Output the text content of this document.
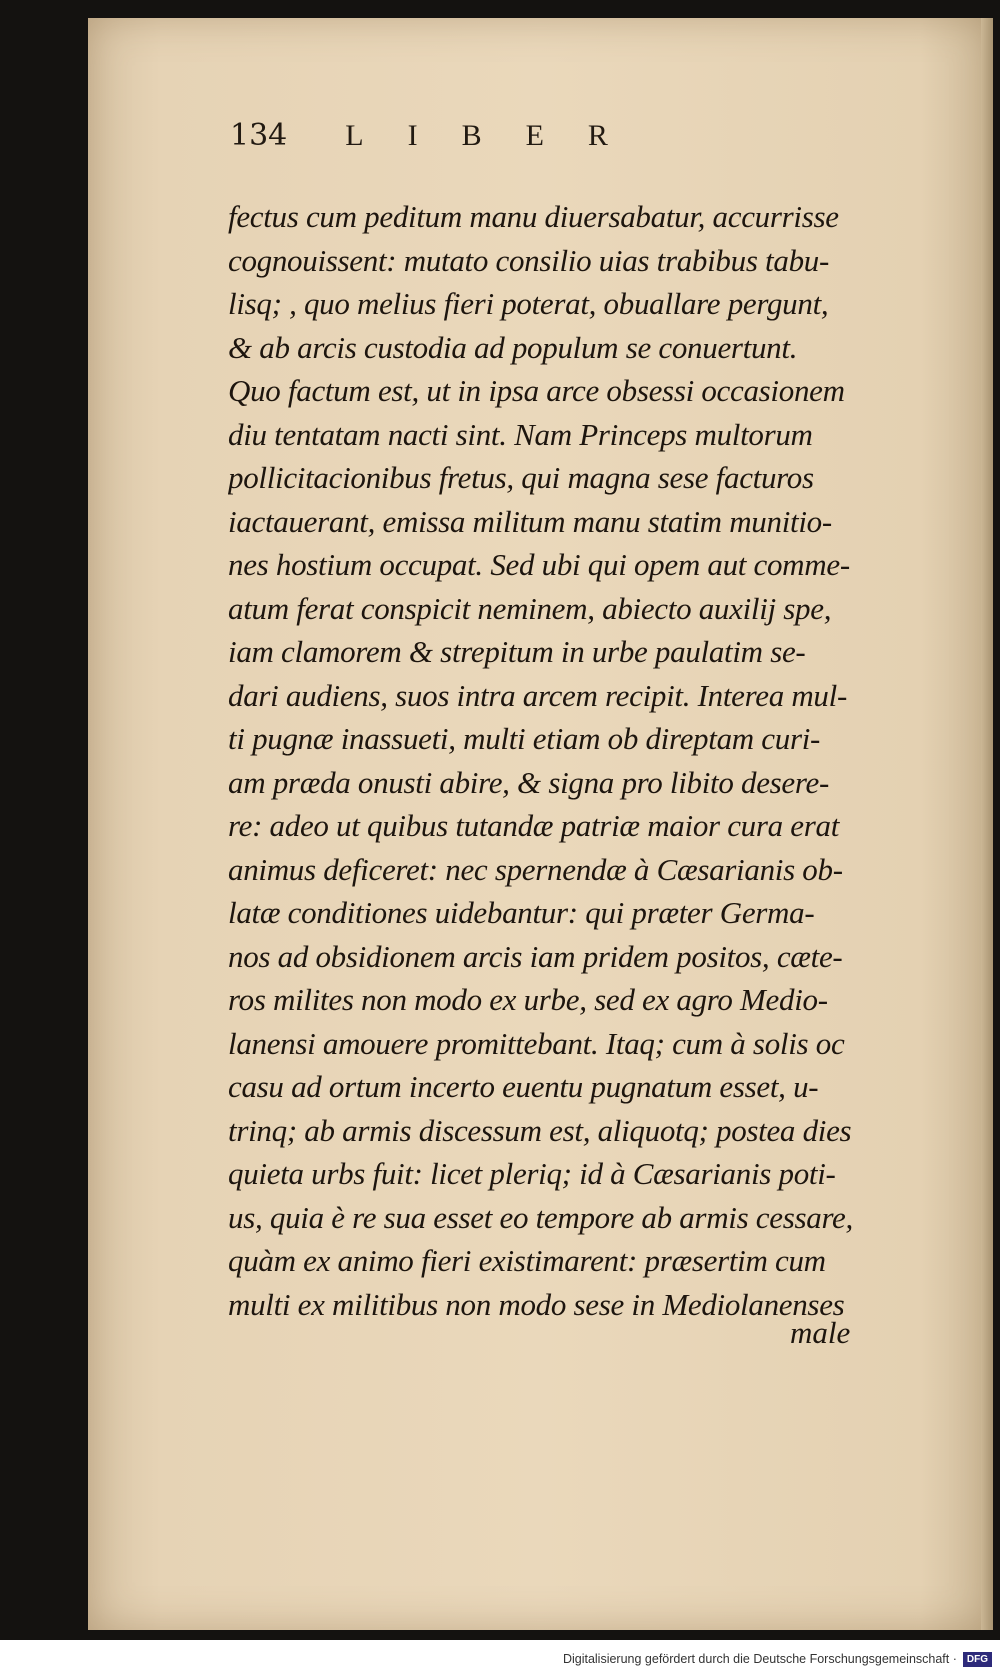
134 LIBER
fectus cum peditum manu diuersabatur, accurrisse
cognouissent: mutato consilio uias trabibus tabu-
lisq; , quo melius fieri poterat, obuallare pergunt,
& ab arcis custodia ad populum se conuertunt.
Quo factum est, ut in ipsa arce obsessi occasionem
diu tentatam nacti sint. Nam Princeps multorum
pollicitacionibus fretus, qui magna sese facturos
iactauerant, emissa militum manu statim munitio-
nes hostium occupat. Sed ubi qui opem aut comme-
atum ferat conspicit neminem, abiecto auxilij spe,
iam clamorem & strepitum in urbe paulatim se-
dari audiens, suos intra arcem recipit. Interea mul-
ti pugnæ inassueti, multi etiam ob direptam curi-
am præda onusti abire, & signa pro libito desere-
re: adeo ut quibus tutandæ patriæ maior cura erat
animus deficeret: nec spernendæ à Cæsarianis ob-
latæ conditiones uidebantur: qui præter Germa-
nos ad obsidionem arcis iam pridem positos, cæte-
ros milites non modo ex urbe, sed ex agro Medio-
lanensi amouere promittebant. Itaq; cum à solis oc
casu ad ortum incerto euentu pugnatum esset, u-
trinq; ab armis discessum est, aliquotq; postea dies
quieta urbs fuit: licet pleriq; id à Cæsarianis poti-
us, quia è re sua esset eo tempore ab armis cessare,
quàm ex animo fieri existimarent: præsertim cum
multi ex militibus non modo sese in Mediolanenses
male
Digitalisierung gefördert durch die Deutsche Forschungsgemeinschaft ·	DFG
